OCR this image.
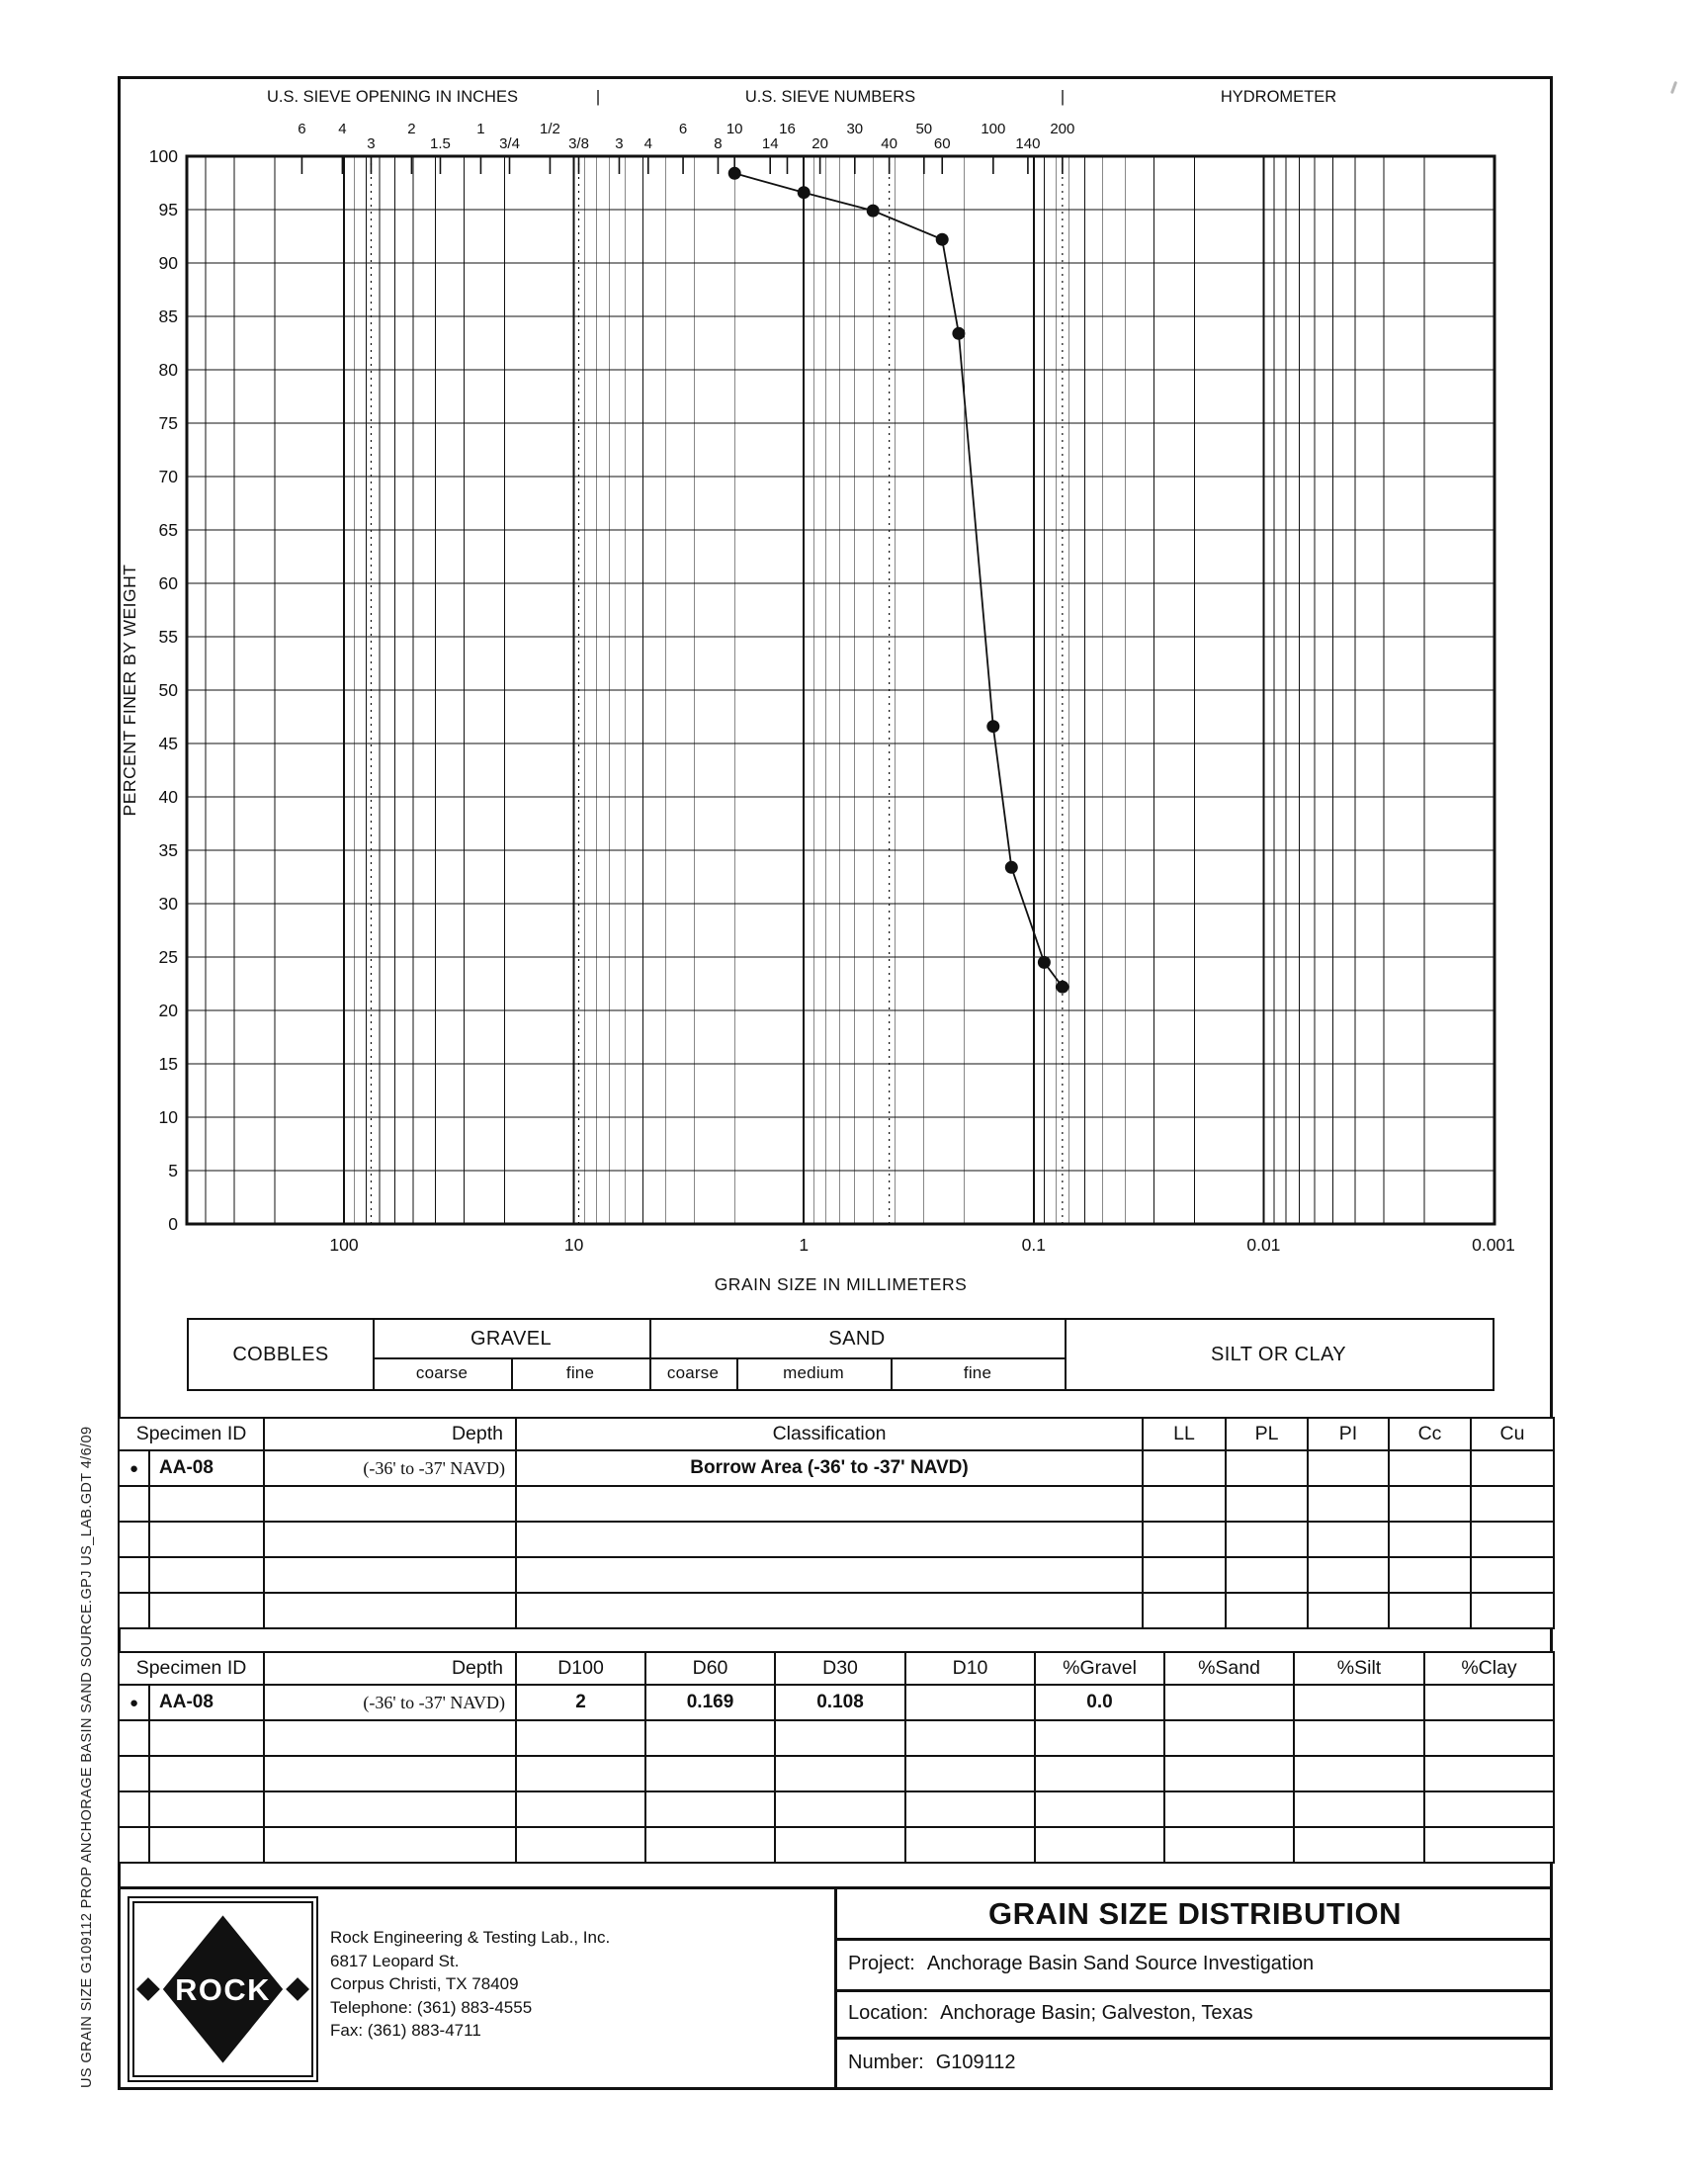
US GRAIN SIZE G109112 PROP ANCHORAGE BASIN SAND SOURCE.GPJ US_LAB.GDT 4/6/09
6 4
3
2
1.5
1
3/4
1/2
3/8 3 4
6
8
10
14
16
20
30
40
50
60
100
140
200
U.S. SIEVE OPENING IN INCHES	U.S. SIEVE NUMBERS	HYDROMETER
|	|
0
5
10
15
20
25
30
35
40
45
50
55
60
65
70
75
80
85
90
95
100
100	10	1	0.1	0.01	0.001
GRAIN SIZE IN MILLIMETERS
PERCENT FINER BY WEIGHT
COBBLES
GRAVEL	SAND
SILT OR CLAY
coarse	fine	coarse	medium	fine
Specimen ID		Depth	Classification	LL	PL	PI	Cc	Cu
●	AA-08	(-36' to -37' NAVD)	Borrow Area (-36' to -37' NAVD)					

Specimen ID		Depth	D100	D60	D30	D10	%Gravel	%Sand	%Silt	%Clay
●	AA-08	(-36' to -37' NAVD)	2	0.169	0.108		0.0			

ROCK
Rock Engineering & Testing Lab., Inc.
6817 Leopard St.
Corpus Christi, TX 78409
Telephone: (361) 883-4555
Fax: (361) 883-4711
GRAIN SIZE DISTRIBUTION
Project: Anchorage Basin Sand Source Investigation
Location: Anchorage Basin; Galveston, Texas
Number: G109112
